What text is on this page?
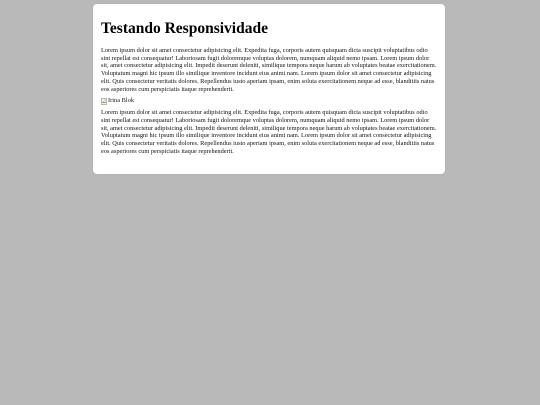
Testando Responsividade

Lorem ipsum dolor sit amet consectetur adipisicing elit. Expedita fuga, corporis autem quisquam dicta suscipit voluptatibus odio sint repellat est consequatur! Laboriosam fugit doloremque voluptas dolorem, numquam aliquid nemo ipsam. Lorem ipsum dolor sit, amet consectetur adipisicing elit. Impedit deserunt deleniti, similique tempora neque harum ab voluptates beatae exercitationem. Voluptatum magni hic ipsum illo similique inventore incidunt eius animi nam. Lorem ipsum dolor sit amet consectetur adipisicing elit. Quis consectetur veritatis dolores. Repellendus iusto aperiam ipsam, enim soluta exercitationem neque ad esse, blanditiis natus eos asperiores cum perspiciatis itaque reprehenderit.

Irina Blok

Lorem ipsum dolor sit amet consectetur adipisicing elit. Expedita fuga, corporis autem quisquam dicta suscipit voluptatibus odio sint repellat est consequatur! Laboriosam fugit doloremque voluptas dolorem, numquam aliquid nemo ipsam. Lorem ipsum dolor sit, amet consectetur adipisicing elit. Impedit deserunt deleniti, similique tempora neque harum ab voluptates beatae exercitationem. Voluptatum magni hic ipsum illo similique inventore incidunt eius animi nam. Lorem ipsum dolor sit amet consectetur adipisicing elit. Quis consectetur veritatis dolores. Repellendus iusto aperiam ipsam, enim soluta exercitationem neque ad esse, blanditiis natus eos asperiores cum perspiciatis itaque reprehenderit.
